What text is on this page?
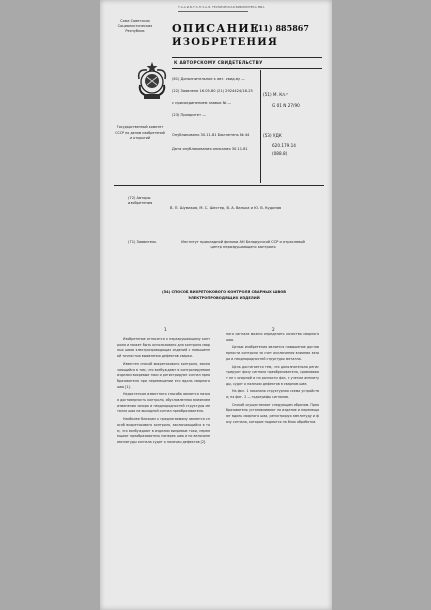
Т.А.А.И.Б.Т.С.Н.Ч.А.Я. ТЕХНИЧЕСКАЯ БИБЛИОТЕКА МБА
Союз Советских Социалистических Республик	ОПИСАНИЕ
ИЗОБРЕТЕНИЯ
К АВТОРСКОМУ СВИДЕТЕЛЬСТВУ
(11) 885867
(61) Дополнительное к авт. свид-ву —
(22) Заявлено 16.05.80 (21) 2924424/18-25
с присоединением заявки № —
(23) Приоритет —
Опубликовано 30.11.81 Бюллетень № 44
Дата опубликования описания 30.11.81
(51) М. Кл.³
G 01 N 27/90
(53) УДК
620.179.14
(088.8)
Государственный комитет СССР по делам изобретений и открытий
(72) Авторы изобретения
В. П. Шумаков, М. С. Шестер, В. А. Ванька и Ю. В. Кудинов
(71) Заявитель	Институт прикладной физики АН Белорусской ССР и отраслевой центр неразрушающего контроля
(54) СПОСОБ ВИХРЕТОКОВОГО КОНТРОЛЯ СВАРНЫХ ШВОВ ЭЛЕКТРОПРОВОДЯЩИХ ИЗДЕЛИЙ
1	2
Изобретение относится к неразрушающему контролю и может быть использовано для контроля сварных швов электропроводящих изделий с повышенной точностью выявления дефектов сварки.
Известен способ вихретокового контроля, заключающийся в том, что возбуждают в контролируемом изделии вихревые токи и регистрируют сигнал преобразователя при перемещении его вдоль сварного шва [1].
Недостатком известного способа является низкая достоверность контроля, обусловленная влиянием изменения зазора и неоднородностей структуры металла шва на выходной сигнал преобразователя.
Наиболее близким к предлагаемому является способ вихретокового контроля, заключающийся в том, что возбуждают в изделии вихревые токи, перемещают преобразователь поперек шва и по величине амплитуды сигнала судят о наличии дефектов [2].
ного сигнала можно определить качество сварного шва.
Целью изобретения является повышение достоверности контроля за счет исключения влияния зазора и неоднородностей структуры металла.
Цель достигается тем, что дополнительно регистрируют фазу сигнала преобразователя, сравнивают ее с опорной и по разности фаз, с учетом амплитуды, судят о наличии дефектов в сварном шве.
На фиг. 1 показана структурная схема устройства; на фиг. 2 — годографы сигналов.
Способ осуществляют следующим образом. Преобразователь устанавливают на изделие и перемещают вдоль сварного шва, регистрируя амплитуду и фазу сигнала, которые подаются на блок обработки.
